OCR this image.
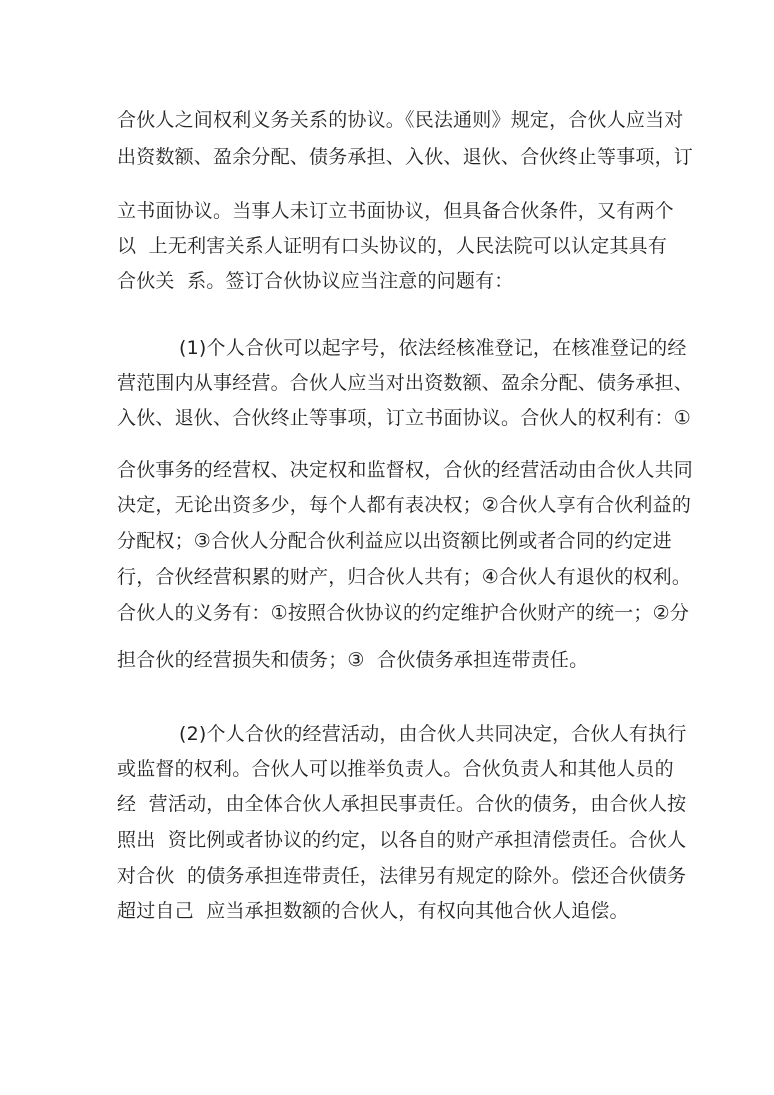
合伙人之间权利义务关系的协议。《民法通则》规定，合伙人应当对
出资数额、盈余分配、债务承担、入伙、退伙、合伙终止等事项，订
立书面协议。当事人未订立书面协议，但具备合伙条件，又有两个
以  上无利害关系人证明有口头协议的，人民法院可以认定其具有
合伙关  系。签订合伙协议应当注意的问题有：
(1)个人合伙可以起字号，依法经核准登记，在核准登记的经
营范围内从事经营。合伙人应当对出资数额、盈余分配、债务承担、
入伙、退伙、合伙终止等事项，订立书面协议。合伙人的权利有：①
合伙事务的经营权、决定权和监督权，合伙的经营活动由合伙人共同
决定，无论出资多少，每个人都有表决权；②合伙人享有合伙利益的
分配权；③合伙人分配合伙利益应以出资额比例或者合同的约定进
行，合伙经营积累的财产，归合伙人共有；④合伙人有退伙的权利。
合伙人的义务有：①按照合伙协议的约定维护合伙财产的统一；②分
担合伙的经营损失和债务；③  合伙债务承担连带责任。
(2)个人合伙的经营活动，由合伙人共同决定，合伙人有执行
或监督的权利。合伙人可以推举负责人。合伙负责人和其他人员的
经  营活动，由全体合伙人承担民事责任。合伙的债务，由合伙人按
照出  资比例或者协议的约定，以各自的财产承担清偿责任。合伙人
对合伙  的债务承担连带责任，法律另有规定的除外。偿还合伙债务
超过自己  应当承担数额的合伙人，有权向其他合伙人追偿。
